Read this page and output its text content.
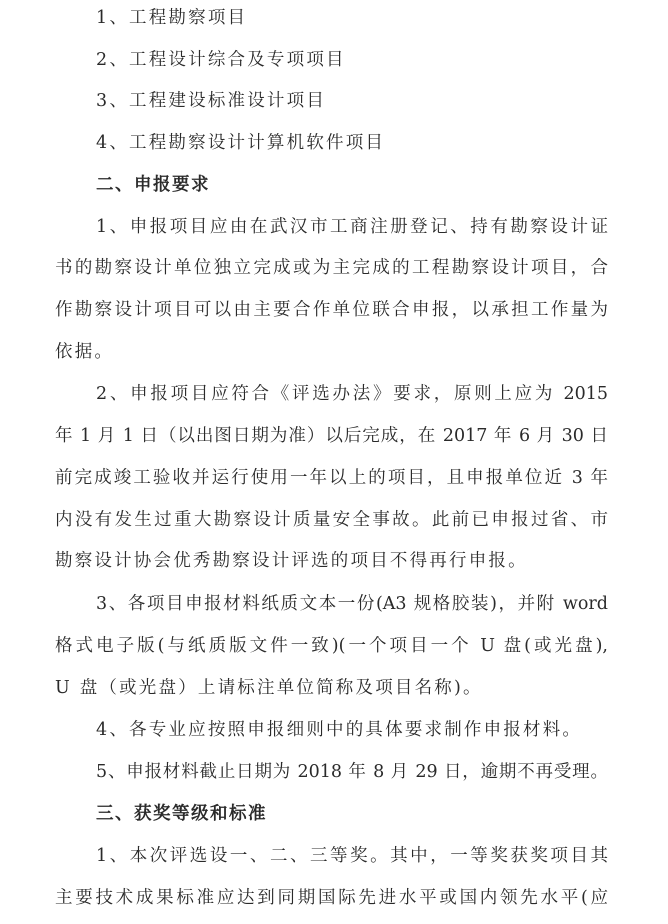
1、工程勘察项目
2、工程设计综合及专项项目
3、工程建设标准设计项目
4、工程勘察设计计算机软件项目
二、申报要求
1、申报项目应由在武汉市工商注册登记、持有勘察设计证
书的勘察设计单位独立完成或为主完成的工程勘察设计项目，合
作勘察设计项目可以由主要合作单位联合申报，以承担工作量为
依据。
2、申报项目应符合《评选办法》要求，原则上应为 2015
年 1 月 1 日（以出图日期为准）以后完成，在 2017 年 6 月 30 日
前完成竣工验收并运行使用一年以上的项目，且申报单位近 3 年
内没有发生过重大勘察设计质量安全事故。此前已申报过省、市
勘察设计协会优秀勘察设计评选的项目不得再行申报。
3、各项目申报材料纸质文本一份(A3 规格胶装)，并附 word
格式电子版(与纸质版文件一致)(一个项目一个 U 盘(或光盘),
U 盘（或光盘）上请标注单位简称及项目名称)。
4、各专业应按照申报细则中的具体要求制作申报材料。
5、申报材料截止日期为 2018 年 8 月 29 日，逾期不再受理。
三、获奖等级和标准
1、本次评选设一、二、三等奖。其中，一等奖获奖项目其
主要技术成果标准应达到同期国际先进水平或国内领先水平(应
